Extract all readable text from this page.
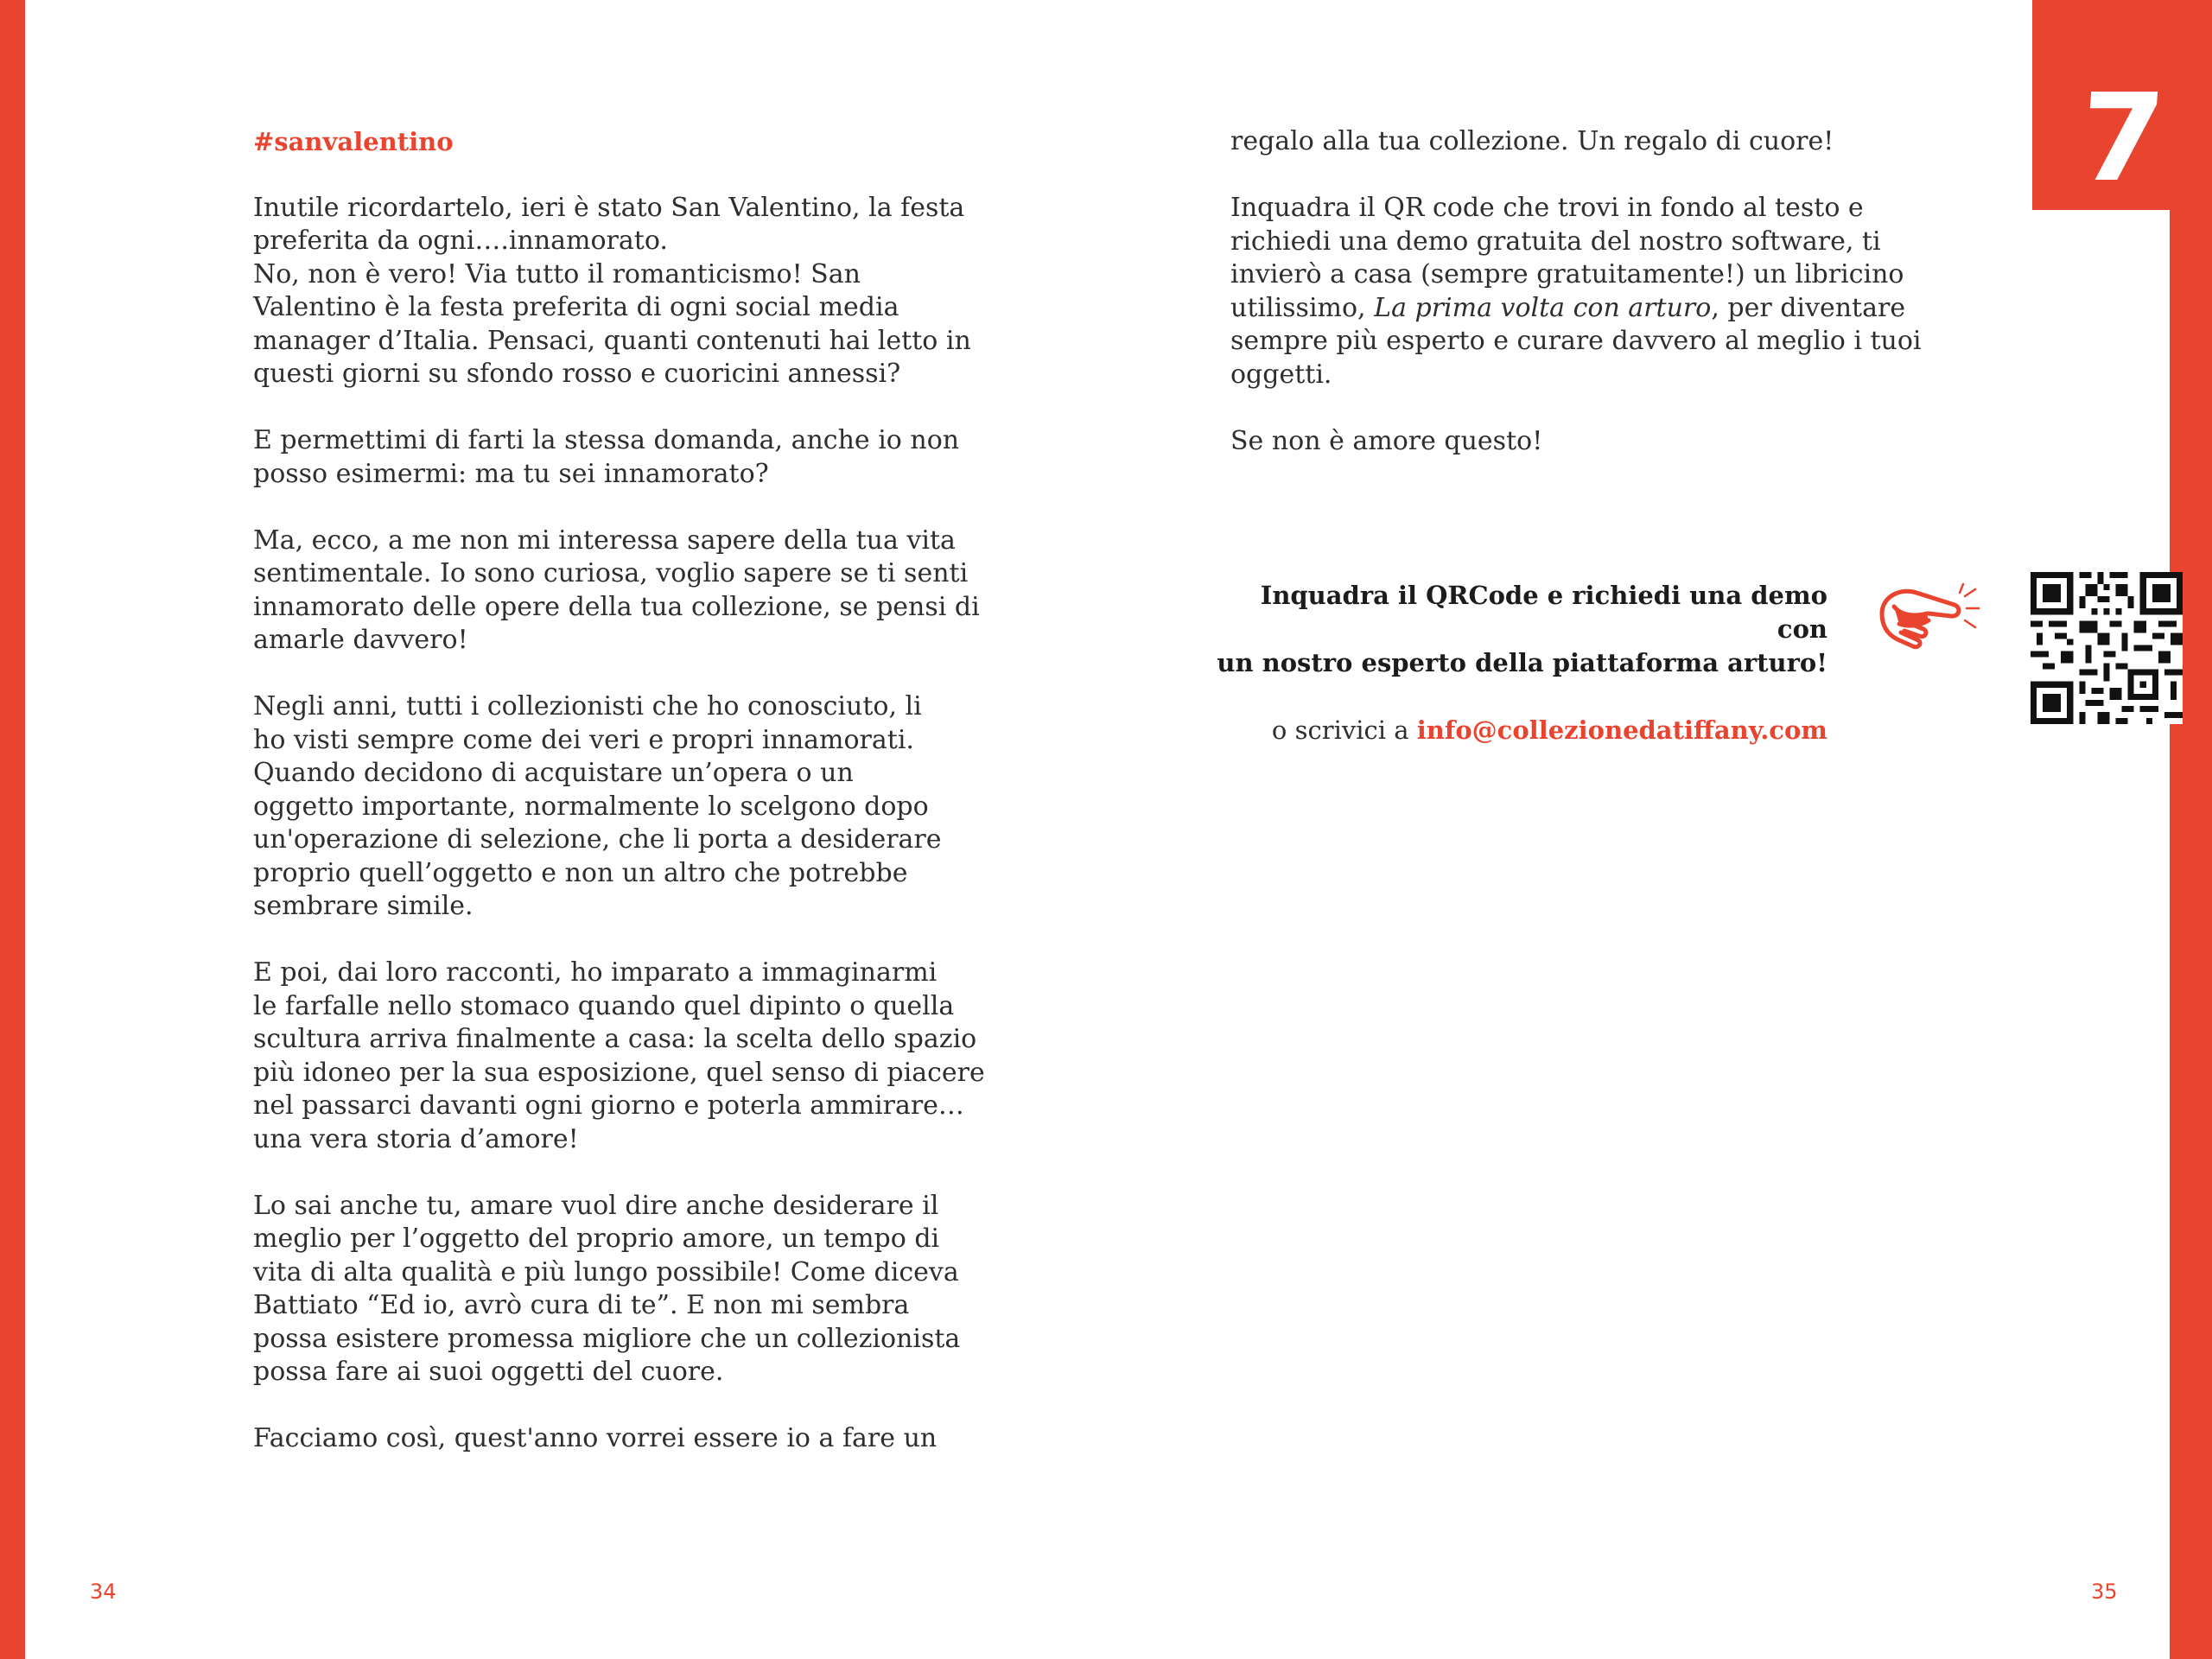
7
#sanvalentino

Inutile ricordartelo, ieri è stato San Valentino, la festa
preferita da ogni….innamorato.
No, non è vero! Via tutto il romanticismo! San
Valentino è la festa preferita di ogni social media
manager d’Italia. Pensaci, quanti contenuti hai letto in
questi giorni su sfondo rosso e cuoricini annessi?

E permettimi di farti la stessa domanda, anche io non
posso esimermi: ma tu sei innamorato?

Ma, ecco, a me non mi interessa sapere della tua vita
sentimentale. Io sono curiosa, voglio sapere se ti senti
innamorato delle opere della tua collezione, se pensi di
amarle davvero!

Negli anni, tutti i collezionisti che ho conosciuto, li
ho visti sempre come dei veri e propri innamorati.
Quando decidono di acquistare un’opera o un
oggetto importante, normalmente lo scelgono dopo
un'operazione di selezione, che li porta a desiderare
proprio quell’oggetto e non un altro che potrebbe
sembrare simile.

E poi, dai loro racconti, ho imparato a immaginarmi
le farfalle nello stomaco quando quel dipinto o quella
scultura arriva finalmente a casa: la scelta dello spazio
più idoneo per la sua esposizione, quel senso di piacere
nel passarci davanti ogni giorno e poterla ammirare…
una vera storia d’amore!

Lo sai anche tu, amare vuol dire anche desiderare il
meglio per l’oggetto del proprio amore, un tempo di
vita di alta qualità e più lungo possibile! Come diceva
Battiato “Ed io, avrò cura di te”. E non mi sembra
possa esistere promessa migliore che un collezionista
possa fare ai suoi oggetti del cuore.

Facciamo così, quest'anno vorrei essere io a fare un

regalo alla tua collezione. Un regalo di cuore!

Inquadra il QR code che trovi in fondo al testo e
richiedi una demo gratuita del nostro software, ti
invierò a casa (sempre gratuitamente!) un libricino
utilissimo, La prima volta con arturo, per diventare
sempre più esperto e curare davvero al meglio i tuoi
oggetti.

Se non è amore questo!

Inquadra il QRCode e richiedi una demo con
un nostro esperto della piattaforma arturo!
o scrivici a info@collezionedatiffany.com
34	35
